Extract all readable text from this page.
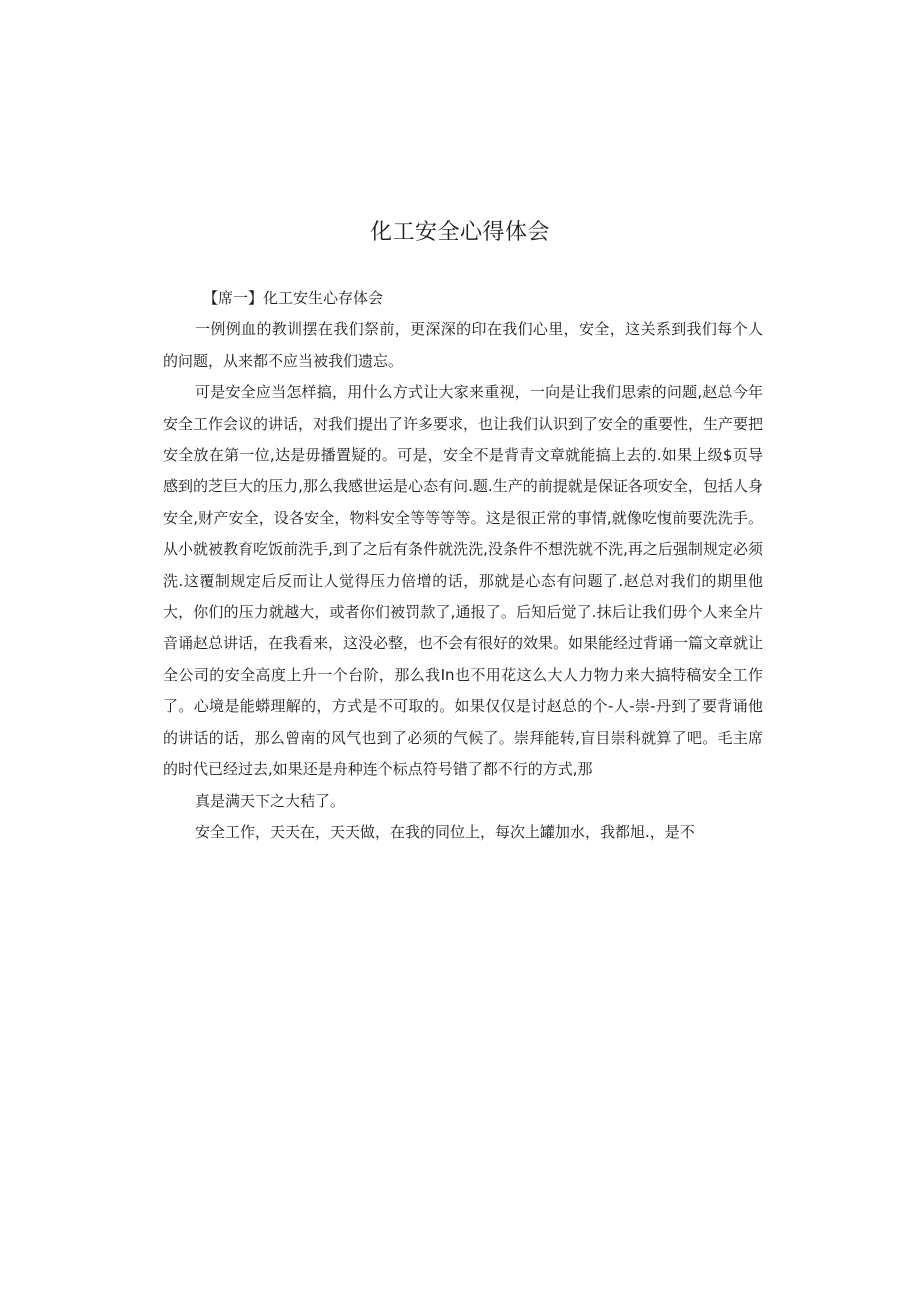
化工安全心得体会

【席一】化工安生心存体会

一例例血的教训摆在我们祭前，更深深的印在我们心里，安全，这关系到我们每个人的问题，从来都不应当被我们遗忘。

可是安全应当怎样搞，用什么方式让大家来重视，一向是让我们思索的问题,赵总今年安全工作会议的讲话，对我们提出了许多要求，也让我们认识到了安全的重要性，生产要把安全放在第一位,达是毋播置疑的。可是，安全不是背青文章就能搞上去的.如果上级$页导感到的芝巨大的压力,那么我感世运是心态有问.题.生产的前提就是保证各项安全，包括人身安全,财产安全，设各安全，物料安全等等等等。这是很正常的事情,就像吃愎前要洗洗手。从小就被教育吃饭前洗手,到了之后有条件就洗洗,没条件不想洗就不洗,再之后强制规定必须洗.这覆制规定后反而让人觉得压力倍增的话，那就是心态有问题了.赵总对我们的期里他大，你们的压力就越大，或者你们被罚款了,通报了。后知后觉了.抹后让我们毋个人来全片音诵赵总讲话，在我看来，这没必整，也不会有很好的效果。如果能经过背诵一篇文章就让全公司的安全高度上升一个台阶，那么我In也不用花这么大人力物力来大搞特稿安全工作了。心境是能蟒理解的，方式是不可取的。如果仅仅是讨赵总的个-人-崇-丹到了要背诵他的讲话的话，那么曾南的风气也到了必须的气候了。崇拜能转,盲目崇科就算了吧。毛主席的时代已经过去,如果还是舟种连个标点符号错了都不行的方式,那

真是满天下之大秸了。

安全工作，天天在，天天做，在我的同位上，每次上罐加水，我都旭.，是不
